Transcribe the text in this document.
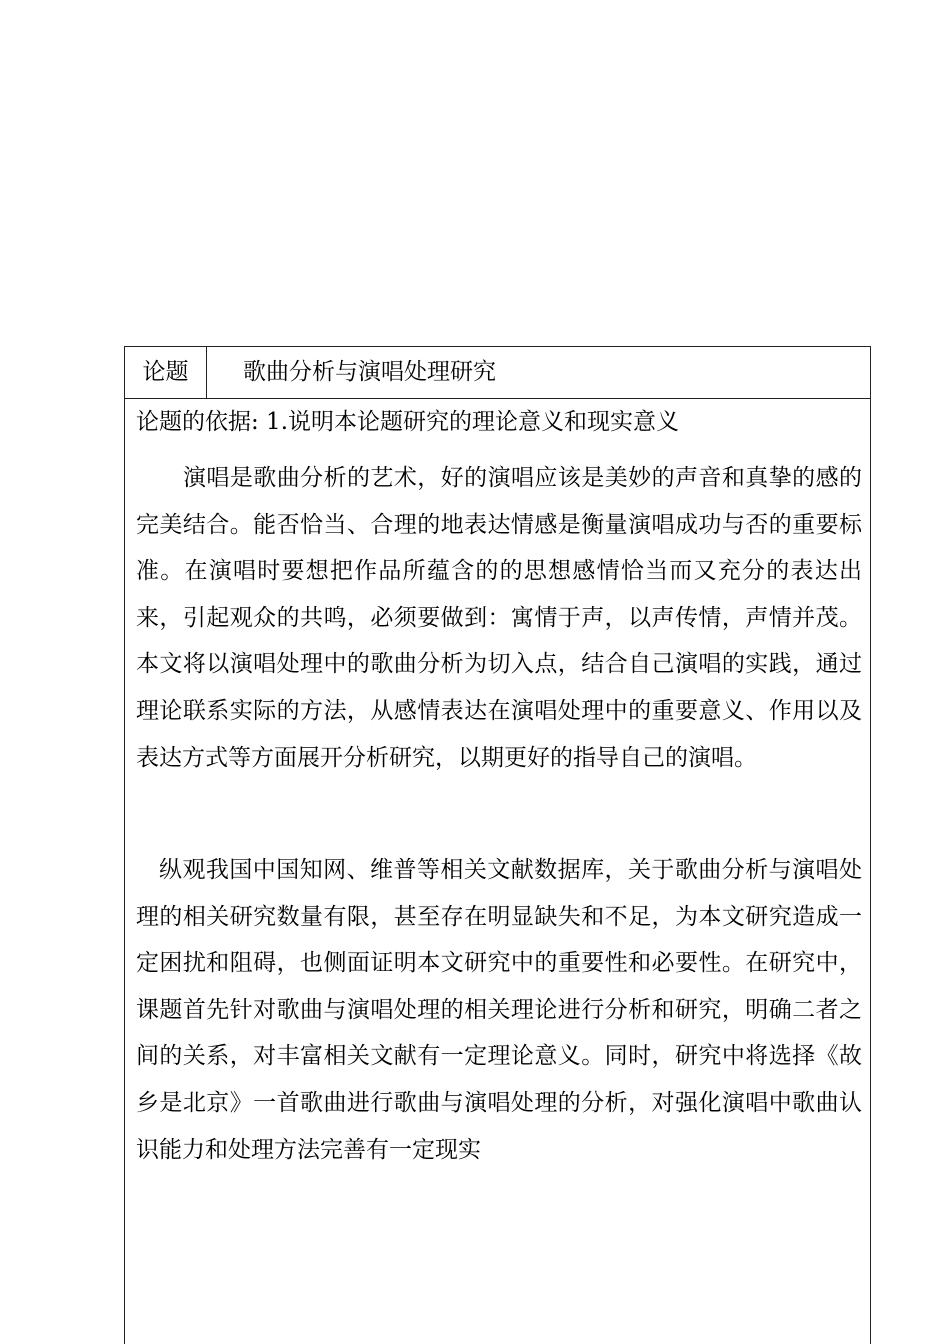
论题	歌曲分析与演唱处理研究
论题的依据: 1.说明本论题研究的理论意义和现实意义

演唱是歌曲分析的艺术，好的演唱应该是美妙的声音和真挚的感的完美结合。能否恰当、合理的地表达情感是衡量演唱成功与否的重要标准。在演唱时要想把作品所蕴含的的思想感情恰当而又充分的表达出来，引起观众的共鸣，必须要做到：寓情于声，以声传情，声情并茂。本文将以演唱处理中的歌曲分析为切入点，结合自己演唱的实践，通过理论联系实际的方法，从感情表达在演唱处理中的重要意义、作用以及表达方式等方面展开分析研究，以期更好的指导自己的演唱。

纵观我国中国知网、维普等相关文献数据库，关于歌曲分析与演唱处理的相关研究数量有限，甚至存在明显缺失和不足，为本文研究造成一定困扰和阻碍，也侧面证明本文研究中的重要性和必要性。在研究中，课题首先针对歌曲与演唱处理的相关理论进行分析和研究，明确二者之间的关系，对丰富相关文献有一定理论意义。同时，研究中将选择《故乡是北京》一首歌曲进行歌曲与演唱处理的分析，对强化演唱中歌曲认识能力和处理方法完善有一定现实
